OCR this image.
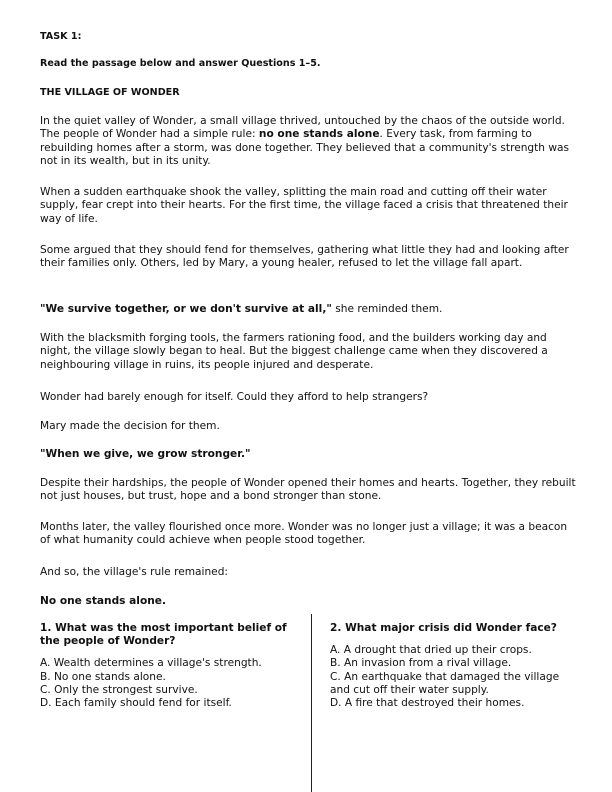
TASK 1:

Read the passage below and answer Questions 1–5.

THE VILLAGE OF WONDER

In the quiet valley of Wonder, a small village thrived, untouched by the chaos of the outside world. The people of Wonder had a simple rule: no one stands alone. Every task, from farming to rebuilding homes after a storm, was done together. They believed that a community's strength was not in its wealth, but in its unity.

When a sudden earthquake shook the valley, splitting the main road and cutting off their water supply, fear crept into their hearts. For the first time, the village faced a crisis that threatened their way of life.

Some argued that they should fend for themselves, gathering what little they had and looking after their families only. Others, led by Mary, a young healer, refused to let the village fall apart.

"We survive together, or we don't survive at all," she reminded them.

With the blacksmith forging tools, the farmers rationing food, and the builders working day and night, the village slowly began to heal. But the biggest challenge came when they discovered a neighbouring village in ruins, its people injured and desperate.

Wonder had barely enough for itself. Could they afford to help strangers?

Mary made the decision for them.

"When we give, we grow stronger."

Despite their hardships, the people of Wonder opened their homes and hearts. Together, they rebuilt not just houses, but trust, hope and a bond stronger than stone.

Months later, the valley flourished once more. Wonder was no longer just a village; it was a beacon of what humanity could achieve when people stood together.

And so, the village's rule remained:

No one stands alone.

1. What was the most important belief of the people of Wonder?

A. Wealth determines a village's strength.

B. No one stands alone.

C. Only the strongest survive.

D. Each family should fend for itself.

2. What major crisis did Wonder face?

A. A drought that dried up their crops.

B. An invasion from a rival village.

C. An earthquake that damaged the village and cut off their water supply.

D. A fire that destroyed their homes.
